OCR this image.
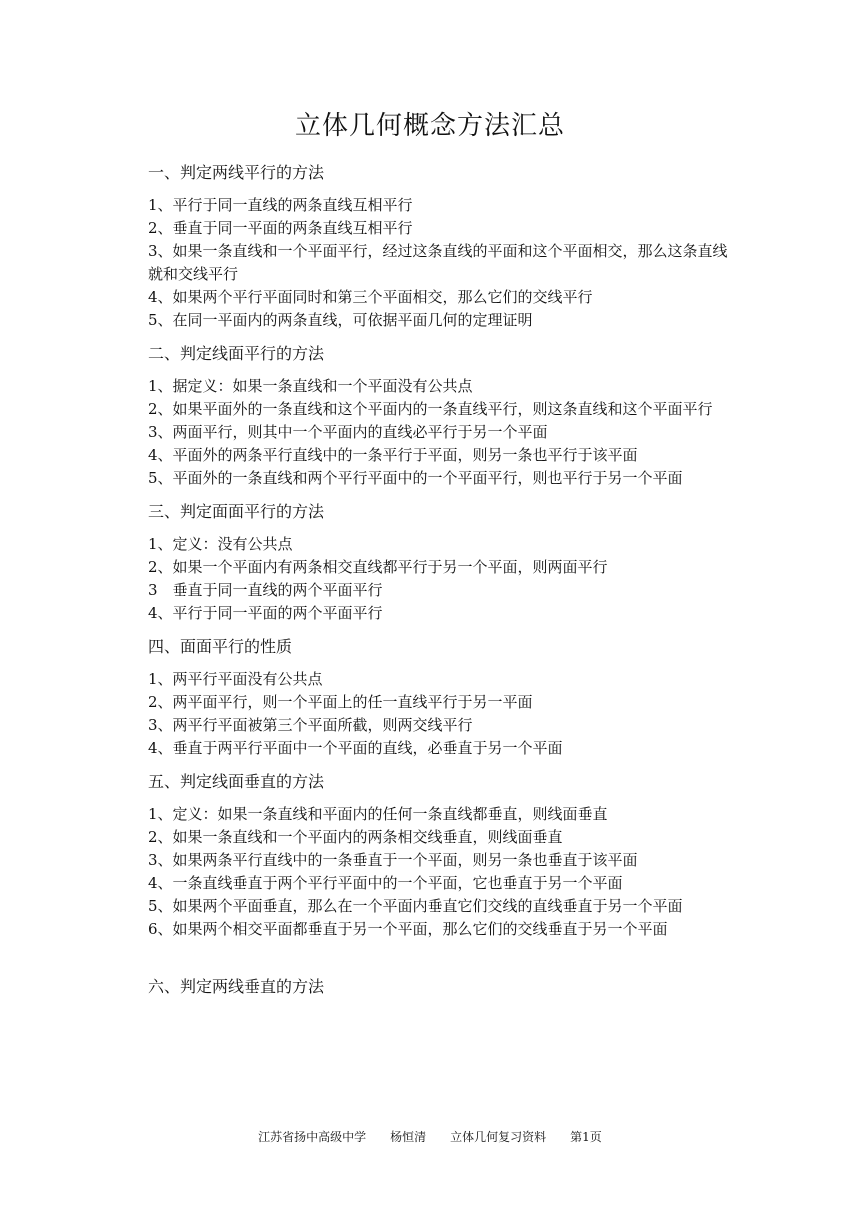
立体几何概念方法汇总
一、判定两线平行的方法

1、平行于同一直线的两条直线互相平行

2、垂直于同一平面的两条直线互相平行

3、如果一条直线和一个平面平行，经过这条直线的平面和这个平面相交，那么这条直线就和交线平行

4、如果两个平行平面同时和第三个平面相交，那么它们的交线平行

5、在同一平面内的两条直线，可依据平面几何的定理证明

二、判定线面平行的方法

1、据定义：如果一条直线和一个平面没有公共点

2、如果平面外的一条直线和这个平面内的一条直线平行，则这条直线和这个平面平行

3、两面平行，则其中一个平面内的直线必平行于另一个平面

4、平面外的两条平行直线中的一条平行于平面，则另一条也平行于该平面

5、平面外的一条直线和两个平行平面中的一个平面平行，则也平行于另一个平面

三、判定面面平行的方法

1、定义：没有公共点

2、如果一个平面内有两条相交直线都平行于另一个平面，则两面平行

3　垂直于同一直线的两个平面平行

4、平行于同一平面的两个平面平行

四、面面平行的性质

1、两平行平面没有公共点

2、两平面平行，则一个平面上的任一直线平行于另一平面

3、两平行平面被第三个平面所截，则两交线平行

4、垂直于两平行平面中一个平面的直线，必垂直于另一个平面

五、判定线面垂直的方法

1、定义：如果一条直线和平面内的任何一条直线都垂直，则线面垂直

2、如果一条直线和一个平面内的两条相交线垂直，则线面垂直

3、如果两条平行直线中的一条垂直于一个平面，则另一条也垂直于该平面

4、一条直线垂直于两个平行平面中的一个平面，它也垂直于另一个平面

5、如果两个平面垂直，那么在一个平面内垂直它们交线的直线垂直于另一个平面

6、如果两个相交平面都垂直于另一个平面，那么它们的交线垂直于另一个平面

六、判定两线垂直的方法
江苏省扬中高级中学　　杨恒清　　立体几何复习资料　　第1页
